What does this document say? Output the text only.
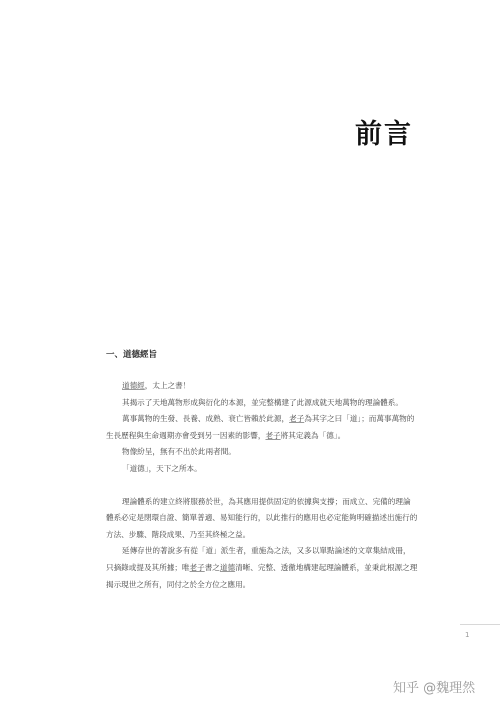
前言
一、道德經旨

道德經，太上之書！

其揭示了天地萬物形成與衍化的本源，並完整構建了此源成就天地萬物的理論體系。

萬事萬物的生發、長養、成熟、衰亡皆賴於此源，老子為其字之曰「道」；而萬事萬物的生長歷程與生命週期亦會受到另一因素的影響，老子將其定義為「德」。

物像紛呈，無有不出於此兩者間。

「道德」，天下之所本。

理論體系的建立終將服務於世，為其應用提供固定的依據與支撐；而成立、完備的理論體系必定是閉環自證、簡單普適、易知能行的，以此推行的應用也必定能夠明確描述出施行的方法、步驟、階段成果、乃至其終極之益。

延傳存世的著說多有從「道」派生者，重施為之法，又多以單點論述的文章集結成冊，只摘錄或提及其所據；唯老子書之道德清晰、完整、透徹地構建起理論體系，並秉此根源之理揭示現世之所有，同付之於全方位之應用。

1
知乎 @魏理然
